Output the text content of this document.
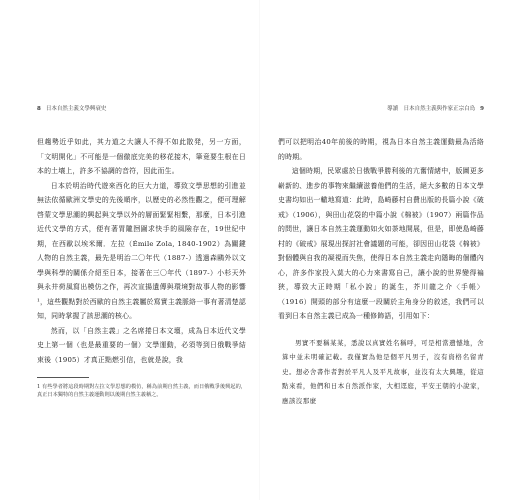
8 日本自然主義文學興衰史

但趨勢近乎如此，其力道之大讓人不得不如此散発，另一方面，「文明開化」不可能是一個徹底完美的移花接木，筆竟要生根在日本的土壤上，許多不協調的音符，因此而生。

日本於明治時代遊來西化的巨大力道，導致文學思想的引進並無法依循歐洲文學史的先後順序，以歷史的必然性觀之，便可理解啓蒙文學思潮的興起與文學以外的層面緊緊相繫，那麼，日本引進近代文學的方式，便有著胃隴囫圇求快手的風險存在，19世紀中期，在西歐以埃米爾．左拉（Émile Zola, 1840-1902）為關鍵人物的自然主義，最先是明治二〇年代（1887-）透過森鷗外以文學與科學的關係介紹至日本，接著在三〇年代（1897-）小杉天外與永井荷風寫出模仿之作，再次宣揚遺傳與環境對故事人物的影響¹，這些觀點對於西歐的自然主義屬於寫實主義脈絡一事有著清楚認知，同時掌握了該思潮的核心。

然而，以「自然主義」之名席捲日本文壇，成為日本近代文學史上第一個（也是最重要的一個）文學運動，必須等到日俄戰爭結束後（1905）才真正點燃引信，也就是說，我

1 有些學者將這段時期對左拉文學思想的模仿，稱為前期自然主義，而日俄戰爭後興起的，真正日本獨特的自然主義運動則以後期自然主義稱之。
導讀　日本自然主義與作家正宗白鳥 9

們可以把明治40年前後的時期，視為日本自然主義運動最為活絡的時期。

這個時期，民眾處於日俄戰爭勝利後的亢奮情緒中，版圖更多嶄新的、進步的事物來繼續滋養他們的生活，絕大多數的日本文學史書均如出一轍地寫道：此時，島崎藤村自費出版的長篇小說《破戒》（1906），與田山花袋的中篇小說《棉被》（1907）兩篇作品的問世，讓日本自然主義運動如火如荼地開展，但是，即使島崎藤村的《破戒》展現出探討社會議題的可能，卻因田山花袋《棉被》對個體與自我的凝視而失焦，使得日本自然主義走向隱晦的個體內心，許多作家投入莫大的心力來書寫自己，讓小說的世界變得褊狹，導致大正時期「私小說」的誕生，芥川龍之介〈手帳〉（1916）開頭的部分有這麼一段關於主角身分的敘述，我們可以看到日本自然主義已成為一種修飾語，引用如下：

男實不要稱某某，悉說以真實姓名稱呼，可是相當遺憾地，舍算中並未明確記載。我僅實為他是個平凡男子，沒有資格名留青史。想必舍書作者對於平凡人及平凡故事，並沒有太大興趣，從這點來看，他們和日本自然派作家，大相逕庭，平安王朝的小說家，應該沒那麼
